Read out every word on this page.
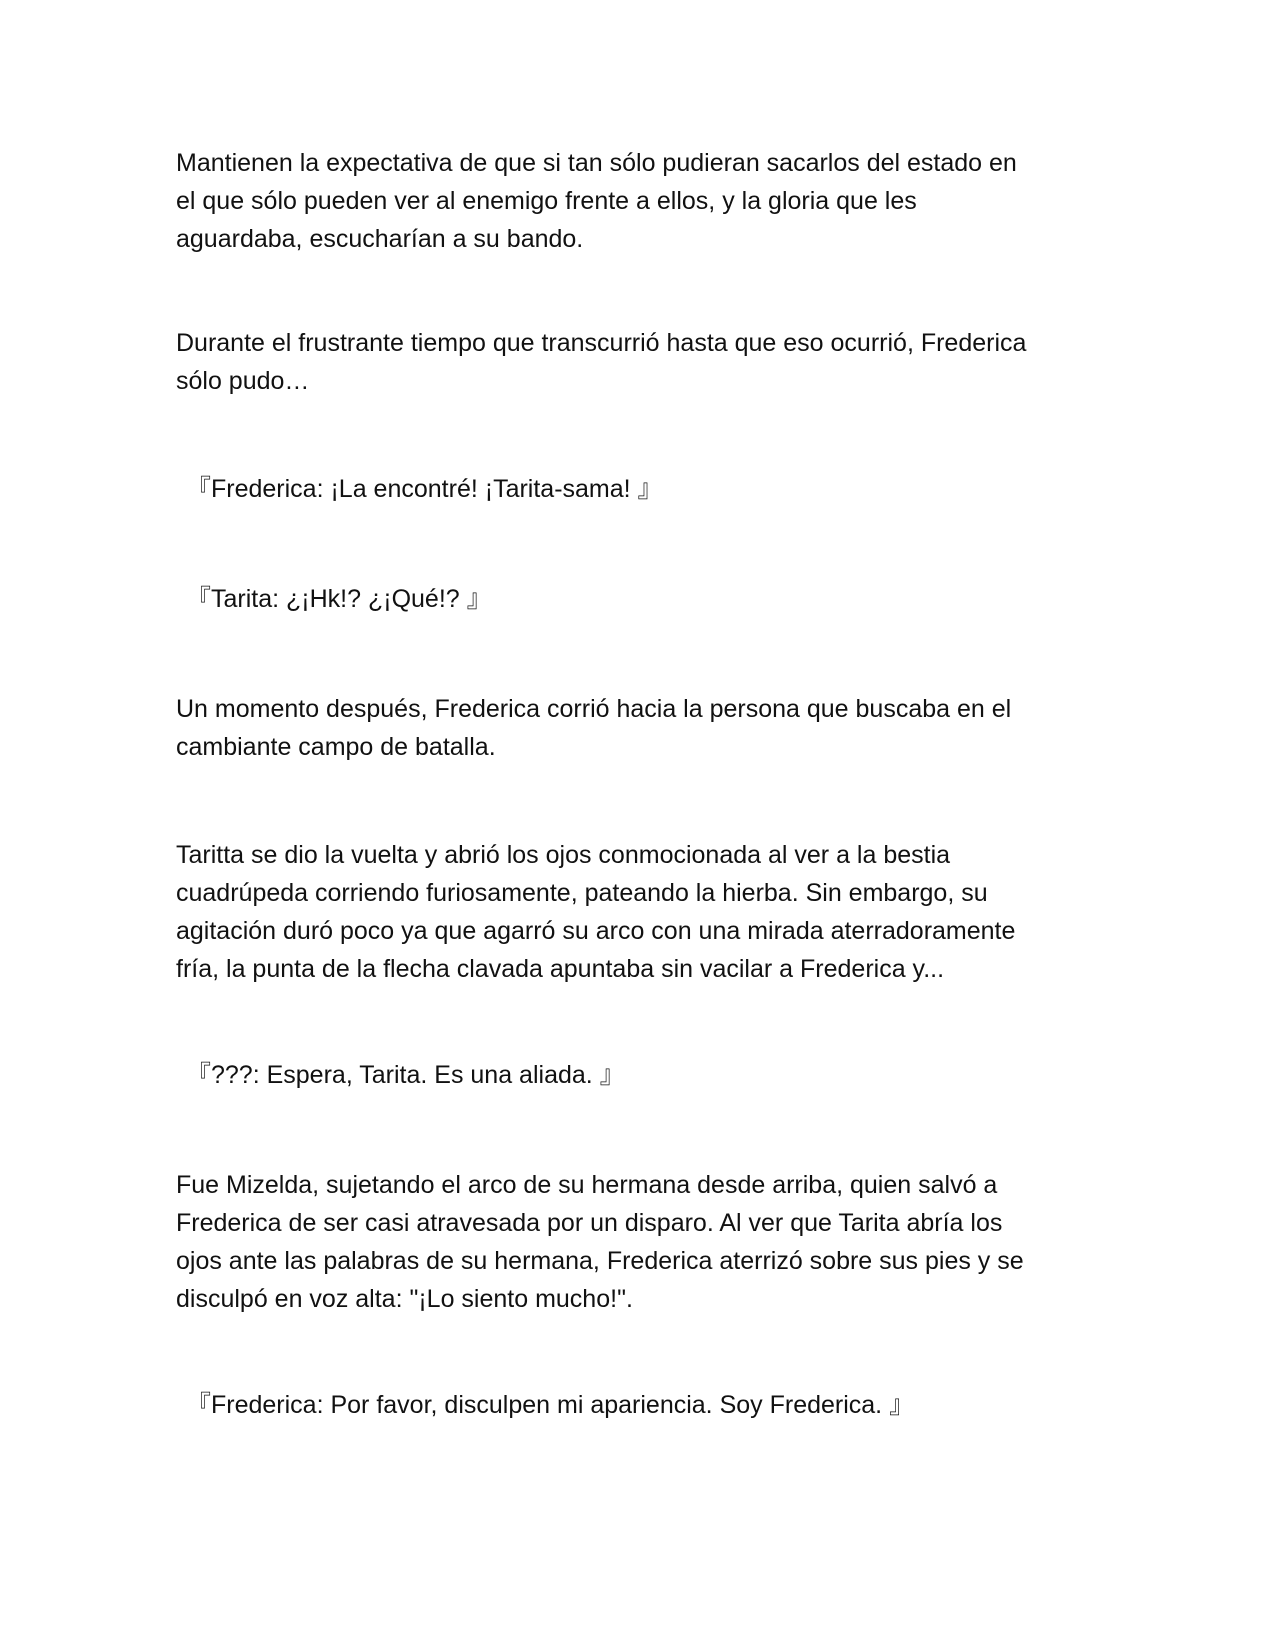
Mantienen la expectativa de que si tan sólo pudieran sacarlos del estado en
el que sólo pueden ver al enemigo frente a ellos, y la gloria que les
aguardaba, escucharían a su bando.

Durante el frustrante tiempo que transcurrió hasta que eso ocurrió, Frederica
sólo pudo…

『Frederica: ¡La encontré! ¡Tarita-sama! 』

『Tarita: ¿¡Hk!? ¿¡Qué!? 』

Un momento después, Frederica corrió hacia la persona que buscaba en el
cambiante campo de batalla.

Taritta se dio la vuelta y abrió los ojos conmocionada al ver a la bestia
cuadrúpeda corriendo furiosamente, pateando la hierba. Sin embargo, su
agitación duró poco ya que agarró su arco con una mirada aterradoramente
fría, la punta de la flecha clavada apuntaba sin vacilar a Frederica y...

『???: Espera, Tarita. Es una aliada. 』

Fue Mizelda, sujetando el arco de su hermana desde arriba, quien salvó a
Frederica de ser casi atravesada por un disparo. Al ver que Tarita abría los
ojos ante las palabras de su hermana, Frederica aterrizó sobre sus pies y se
disculpó en voz alta: "¡Lo siento mucho!".

『Frederica: Por favor, disculpen mi apariencia. Soy Frederica. 』
